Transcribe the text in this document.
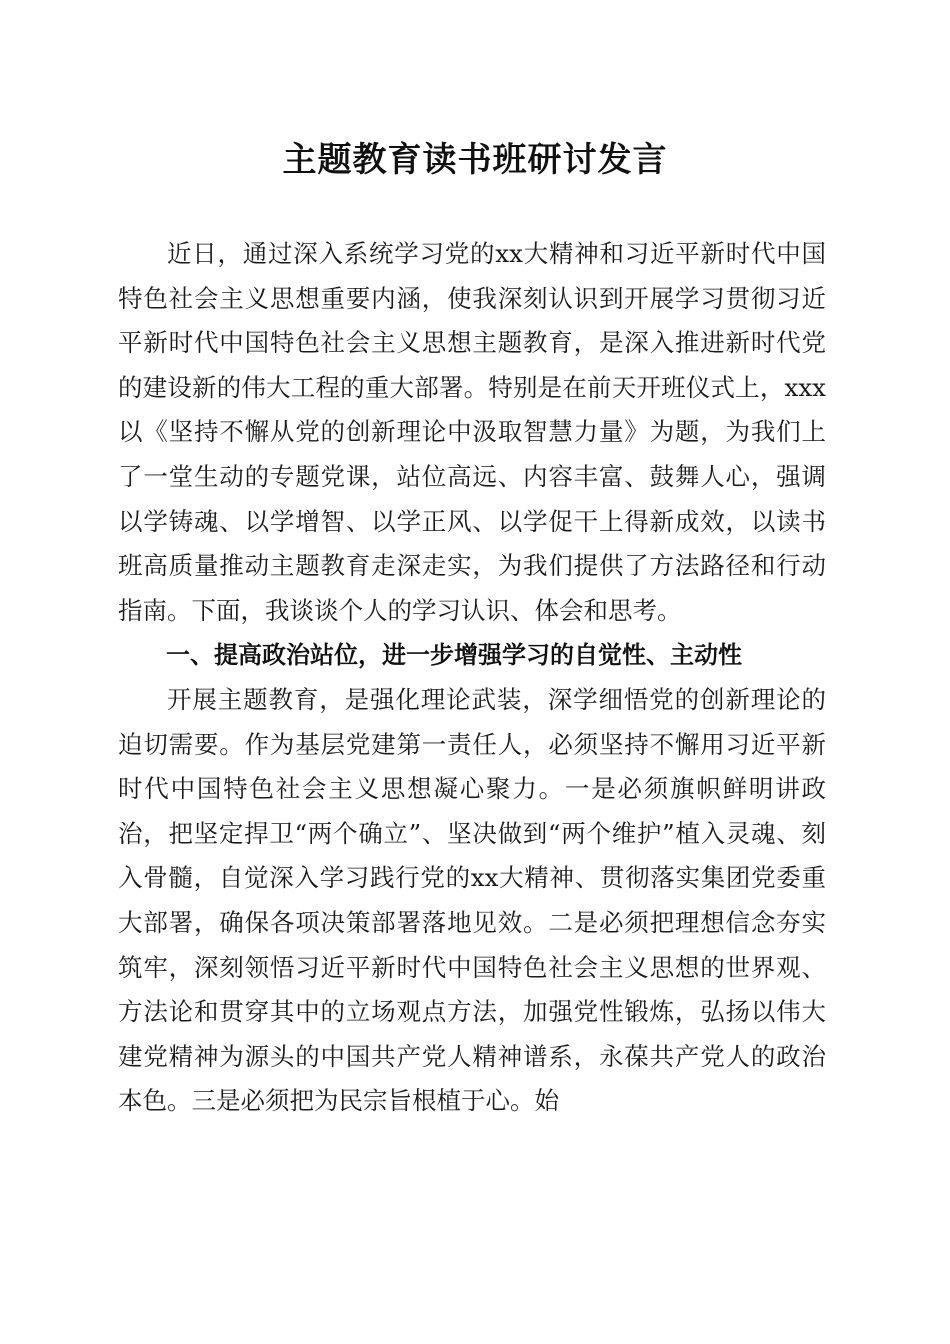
主题教育读书班研讨发言

近日，通过深入系统学习党的xx大精神和习近平新时代中国特色社会主义思想重要内涵，使我深刻认识到开展学习贯彻习近平新时代中国特色社会主义思想主题教育，是深入推进新时代党的建设新的伟大工程的重大部署。特别是在前天开班仪式上，xxx以《坚持不懈从党的创新理论中汲取智慧力量》为题，为我们上了一堂生动的专题党课，站位高远、内容丰富、鼓舞人心，强调以学铸魂、以学增智、以学正风、以学促干上得新成效，以读书班高质量推动主题教育走深走实，为我们提供了方法路径和行动指南。下面，我谈谈个人的学习认识、体会和思考。

一、提高政治站位，进一步增强学习的自觉性、主动性

开展主题教育，是强化理论武装，深学细悟党的创新理论的迫切需要。作为基层党建第一责任人，必须坚持不懈用习近平新时代中国特色社会主义思想凝心聚力。一是必须旗帜鲜明讲政治，把坚定捍卫“两个确立”、坚决做到“两个维护”植入灵魂、刻入骨髓，自觉深入学习践行党的xx大精神、贯彻落实集团党委重大部署，确保各项决策部署落地见效。二是必须把理想信念夯实筑牢，深刻领悟习近平新时代中国特色社会主义思想的世界观、方法论和贯穿其中的立场观点方法，加强党性锻炼，弘扬以伟大建党精神为源头的中国共产党人精神谱系，永葆共产党人的政治本色。三是必须把为民宗旨根植于心。始
